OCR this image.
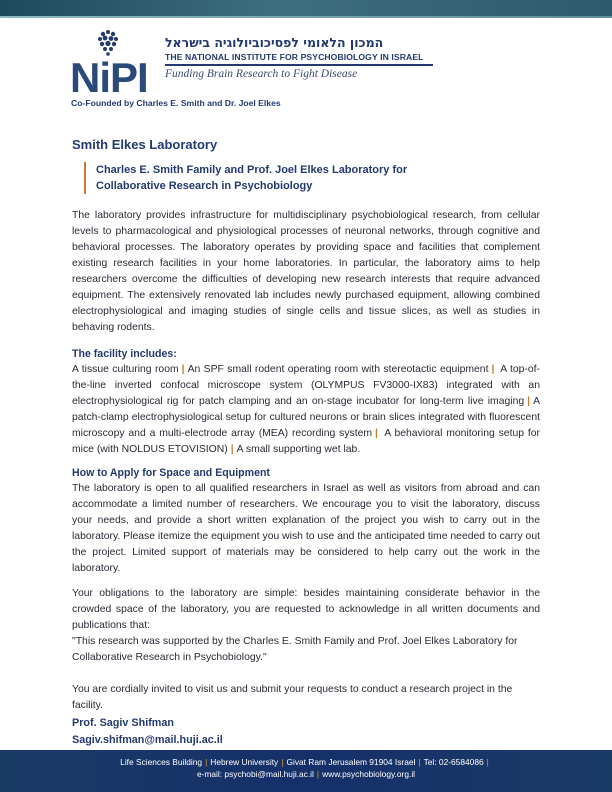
NiPI
המכון הלאומי לפסיכוביולוגיה בישראל
THE NATIONAL INSTITUTE FOR PSYCHOBIOLOGY IN ISRAEL
Funding Brain Research to Fight Disease
Co-Founded by Charles E. Smith and Dr. Joel Elkes
Smith Elkes Laboratory
Charles E. Smith Family and Prof. Joel Elkes Laboratory for
Collaborative Research in Psychobiology

The laboratory provides infrastructure for multidisciplinary psychobiological research, from cellular levels to pharmacological and physiological processes of neuronal networks, through cognitive and behavioral processes. The laboratory operates by providing space and facilities that complement existing research facilities in your home laboratories. In particular, the laboratory aims to help researchers overcome the difficulties of developing new research interests that require advanced equipment. The extensively renovated lab includes newly purchased equipment, allowing combined electrophysiological and imaging studies of single cells and tissue slices, as well as studies in behaving rodents.

The facility includes:

A tissue culturing room | An SPF small rodent operating room with stereotactic equipment | A top-of-the-line inverted confocal microscope system (OLYMPUS FV3000-IX83) integrated with an electrophysiological rig for patch clamping and an on-stage incubator for long-term live imaging | A patch-clamp electrophysiological setup for cultured neurons or brain slices integrated with fluorescent microscopy and a multi-electrode array (MEA) recording system | A behavioral monitoring setup for mice (with NOLDUS ETOVISION) | A small supporting wet lab.

How to Apply for Space and Equipment

The laboratory is open to all qualified researchers in Israel as well as visitors from abroad and can accommodate a limited number of researchers. We encourage you to visit the laboratory, discuss your needs, and provide a short written explanation of the project you wish to carry out in the laboratory. Please itemize the equipment you wish to use and the anticipated time needed to carry out the project. Limited support of materials may be considered to help carry out the work in the laboratory.

Your obligations to the laboratory are simple: besides maintaining considerate behavior in the crowded space of the laboratory, you are requested to acknowledge in all written documents and publications that:

"This research was supported by the Charles E. Smith Family and Prof. Joel Elkes Laboratory for Collaborative Research in Psychobiology."

You are cordially invited to visit us and submit your requests to conduct a research project in the facility.

Prof. Sagiv Shifman
Sagiv.shifman@mail.huji.ac.il
Life Sciences Building | Hebrew University | Givat Ram Jerusalem 91904 Israel | Tel: 02-6584086 |
e-mail: psychobi@mail.huji.ac.il | www.psychobiology.org.il
